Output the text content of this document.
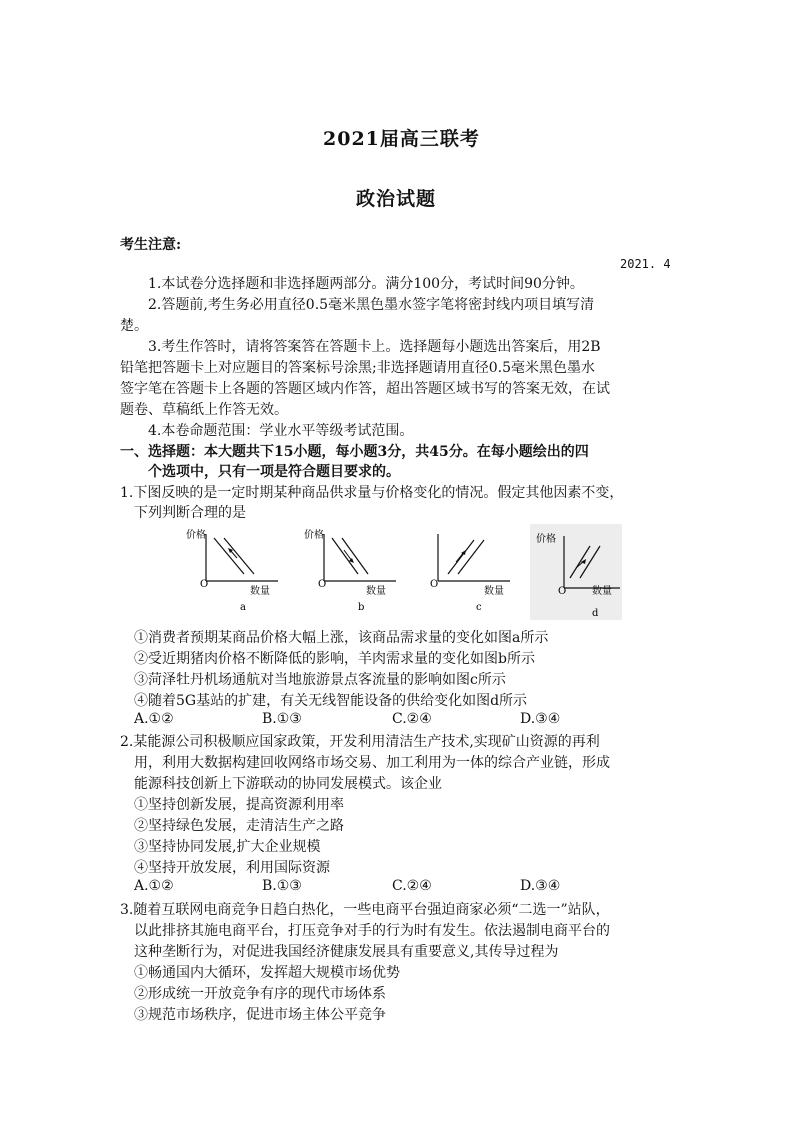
2021届高三联考
政治试题
考生注意:
2021. 4
1.本试卷分选择题和非选择题两部分。满分100分，考试时间90分钟。
2.答题前,考生务必用直径0.5毫米黑色墨水签字笔将密封线内项目填写清
楚。
3.考生作答时，请将答案答在答题卡上。选择题每小题选出答案后，用2B
铅笔把答题卡上对应题目的答案标号涂黑;非选择题请用直径0.5毫米黑色墨水
签字笔在答题卡上各题的答题区域内作答，超出答题区域书写的答案无效，在试
题卷、草稿纸上作答无效。
4.本卷命题范围：学业水平等级考试范围。
一、选择题：本大题共下15小题，每小题3分，共45分。在每小题绘出的四
个选项中，只有一项是符合题目要求的。
1.下图反映的是一定时期某种商品供求量与价格变化的情况。假定其他因素不变，
下列判断合理的是
价格
O
数量
a
价格
O
数量
b
O
数量
c
价格
O	数量
d
①消费者预期某商品价格大幅上涨，该商品需求量的变化如图a所示
②受近期猪肉价格不断降低的影响，羊肉需求量的变化如图b所示
③菏泽牡丹机场通航对当地旅游景点客流量的影响如图c所示
④随着5G基站的扩建，有关无线智能设备的供给变化如图d所示
A.①②	B.①③	C.②④	D.③④
2.某能源公司积极顺应国家政策，开发利用清洁生产技术,实现矿山资源的再利
用，利用大数据构建回收网络市场交易、加工利用为一体的综合产业链，形成
能源科技创新上下游联动的协同发展模式。该企业
①坚持创新发展，提高资源利用率
②坚持绿色发展，走清洁生产之路
③坚持协同发展,扩大企业规模
④坚持开放发展，利用国际资源
A.①②	B.①③	C.②④	D.③④
3.随着互联网电商竞争日趋白热化，一些电商平台强迫商家必须“二选一”站队，
以此排挤其施电商平台，打压竞争对手的行为时有发生。依法遏制电商平台的
这种垄断行为，对促进我国经济健康发展具有重要意义,其传导过程为
①畅通国内大循环，发挥超大规模市场优势
②形成统一开放竞争有序的现代市场体系
③规范市场秩序，促进市场主体公平竞争
